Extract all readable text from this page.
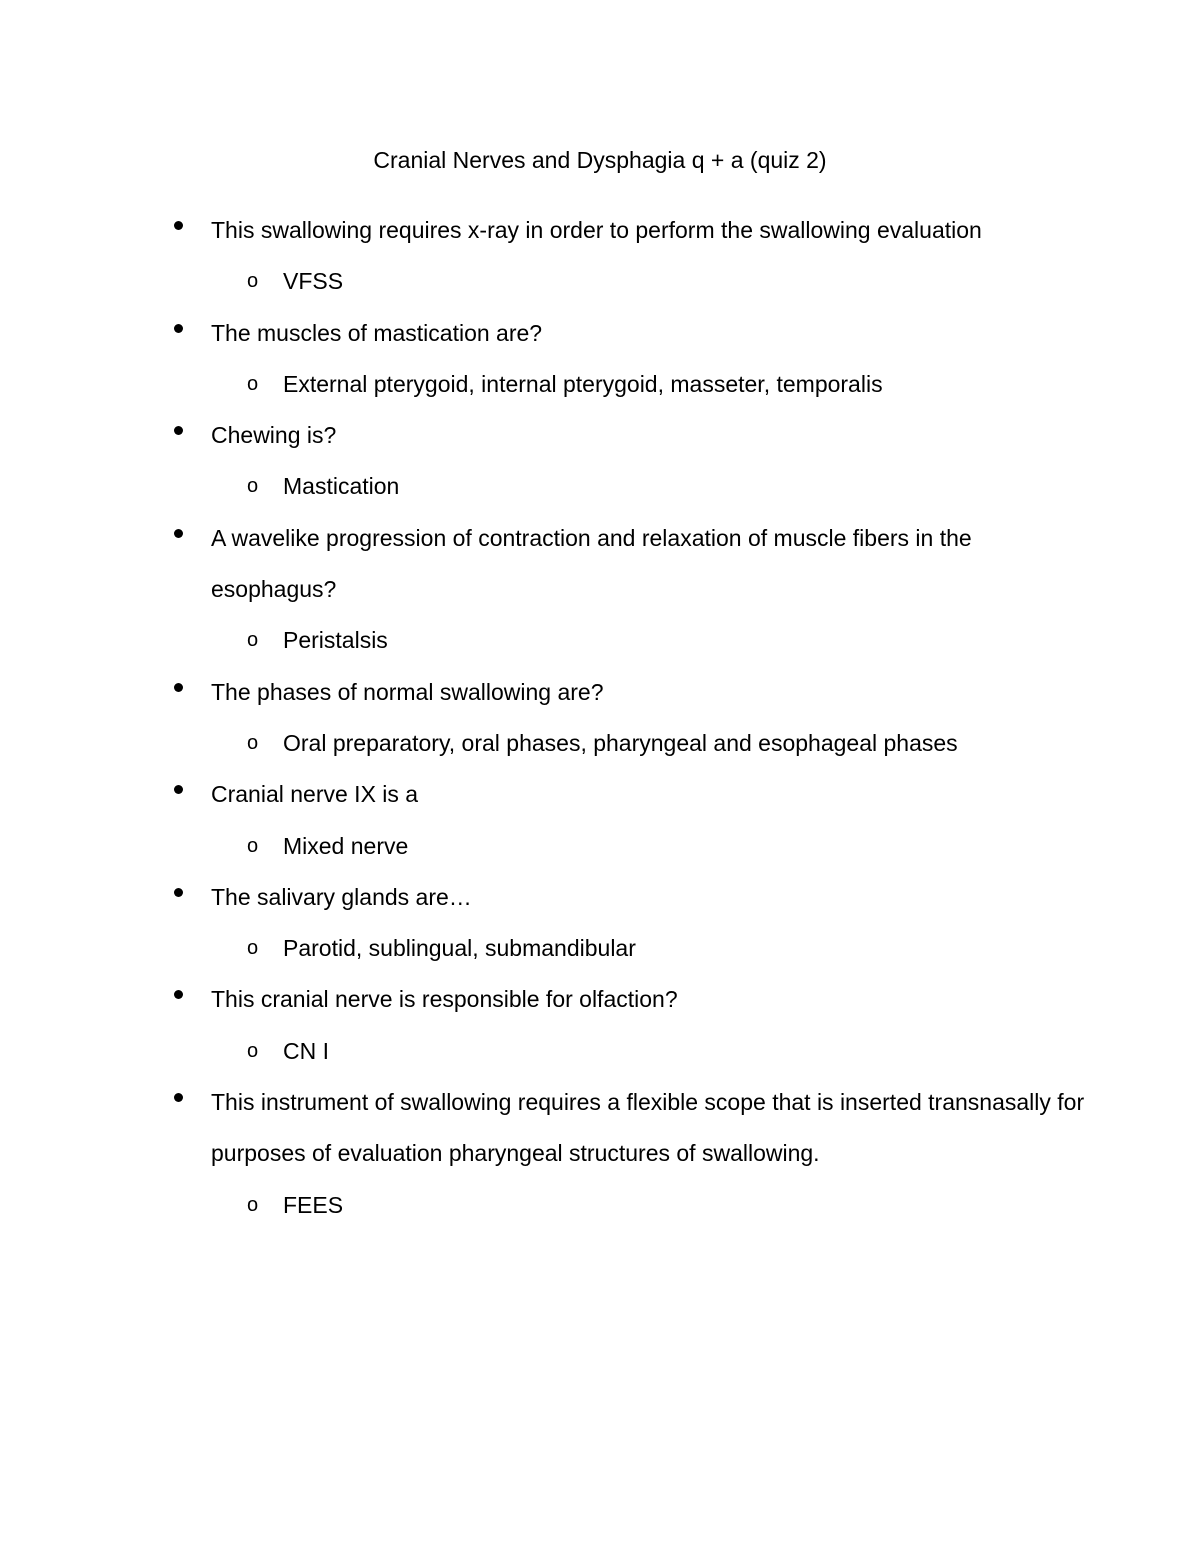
Cranial Nerves and Dysphagia q + a (quiz 2)
This swallowing requires x-ray in order to perform the swallowing evaluation
o VFSS
The muscles of mastication are?
o External pterygoid, internal pterygoid, masseter, temporalis
Chewing is?
o Mastication
A wavelike progression of contraction and relaxation of muscle fibers in the esophagus?
o Peristalsis
The phases of normal swallowing are?
o Oral preparatory, oral phases, pharyngeal and esophageal phases
Cranial nerve IX is a
o Mixed nerve
The salivary glands are…
o Parotid, sublingual, submandibular
This cranial nerve is responsible for olfaction?
o CN I
This instrument of swallowing requires a flexible scope that is inserted transnasally for purposes of evaluation pharyngeal structures of swallowing.
o FEES
